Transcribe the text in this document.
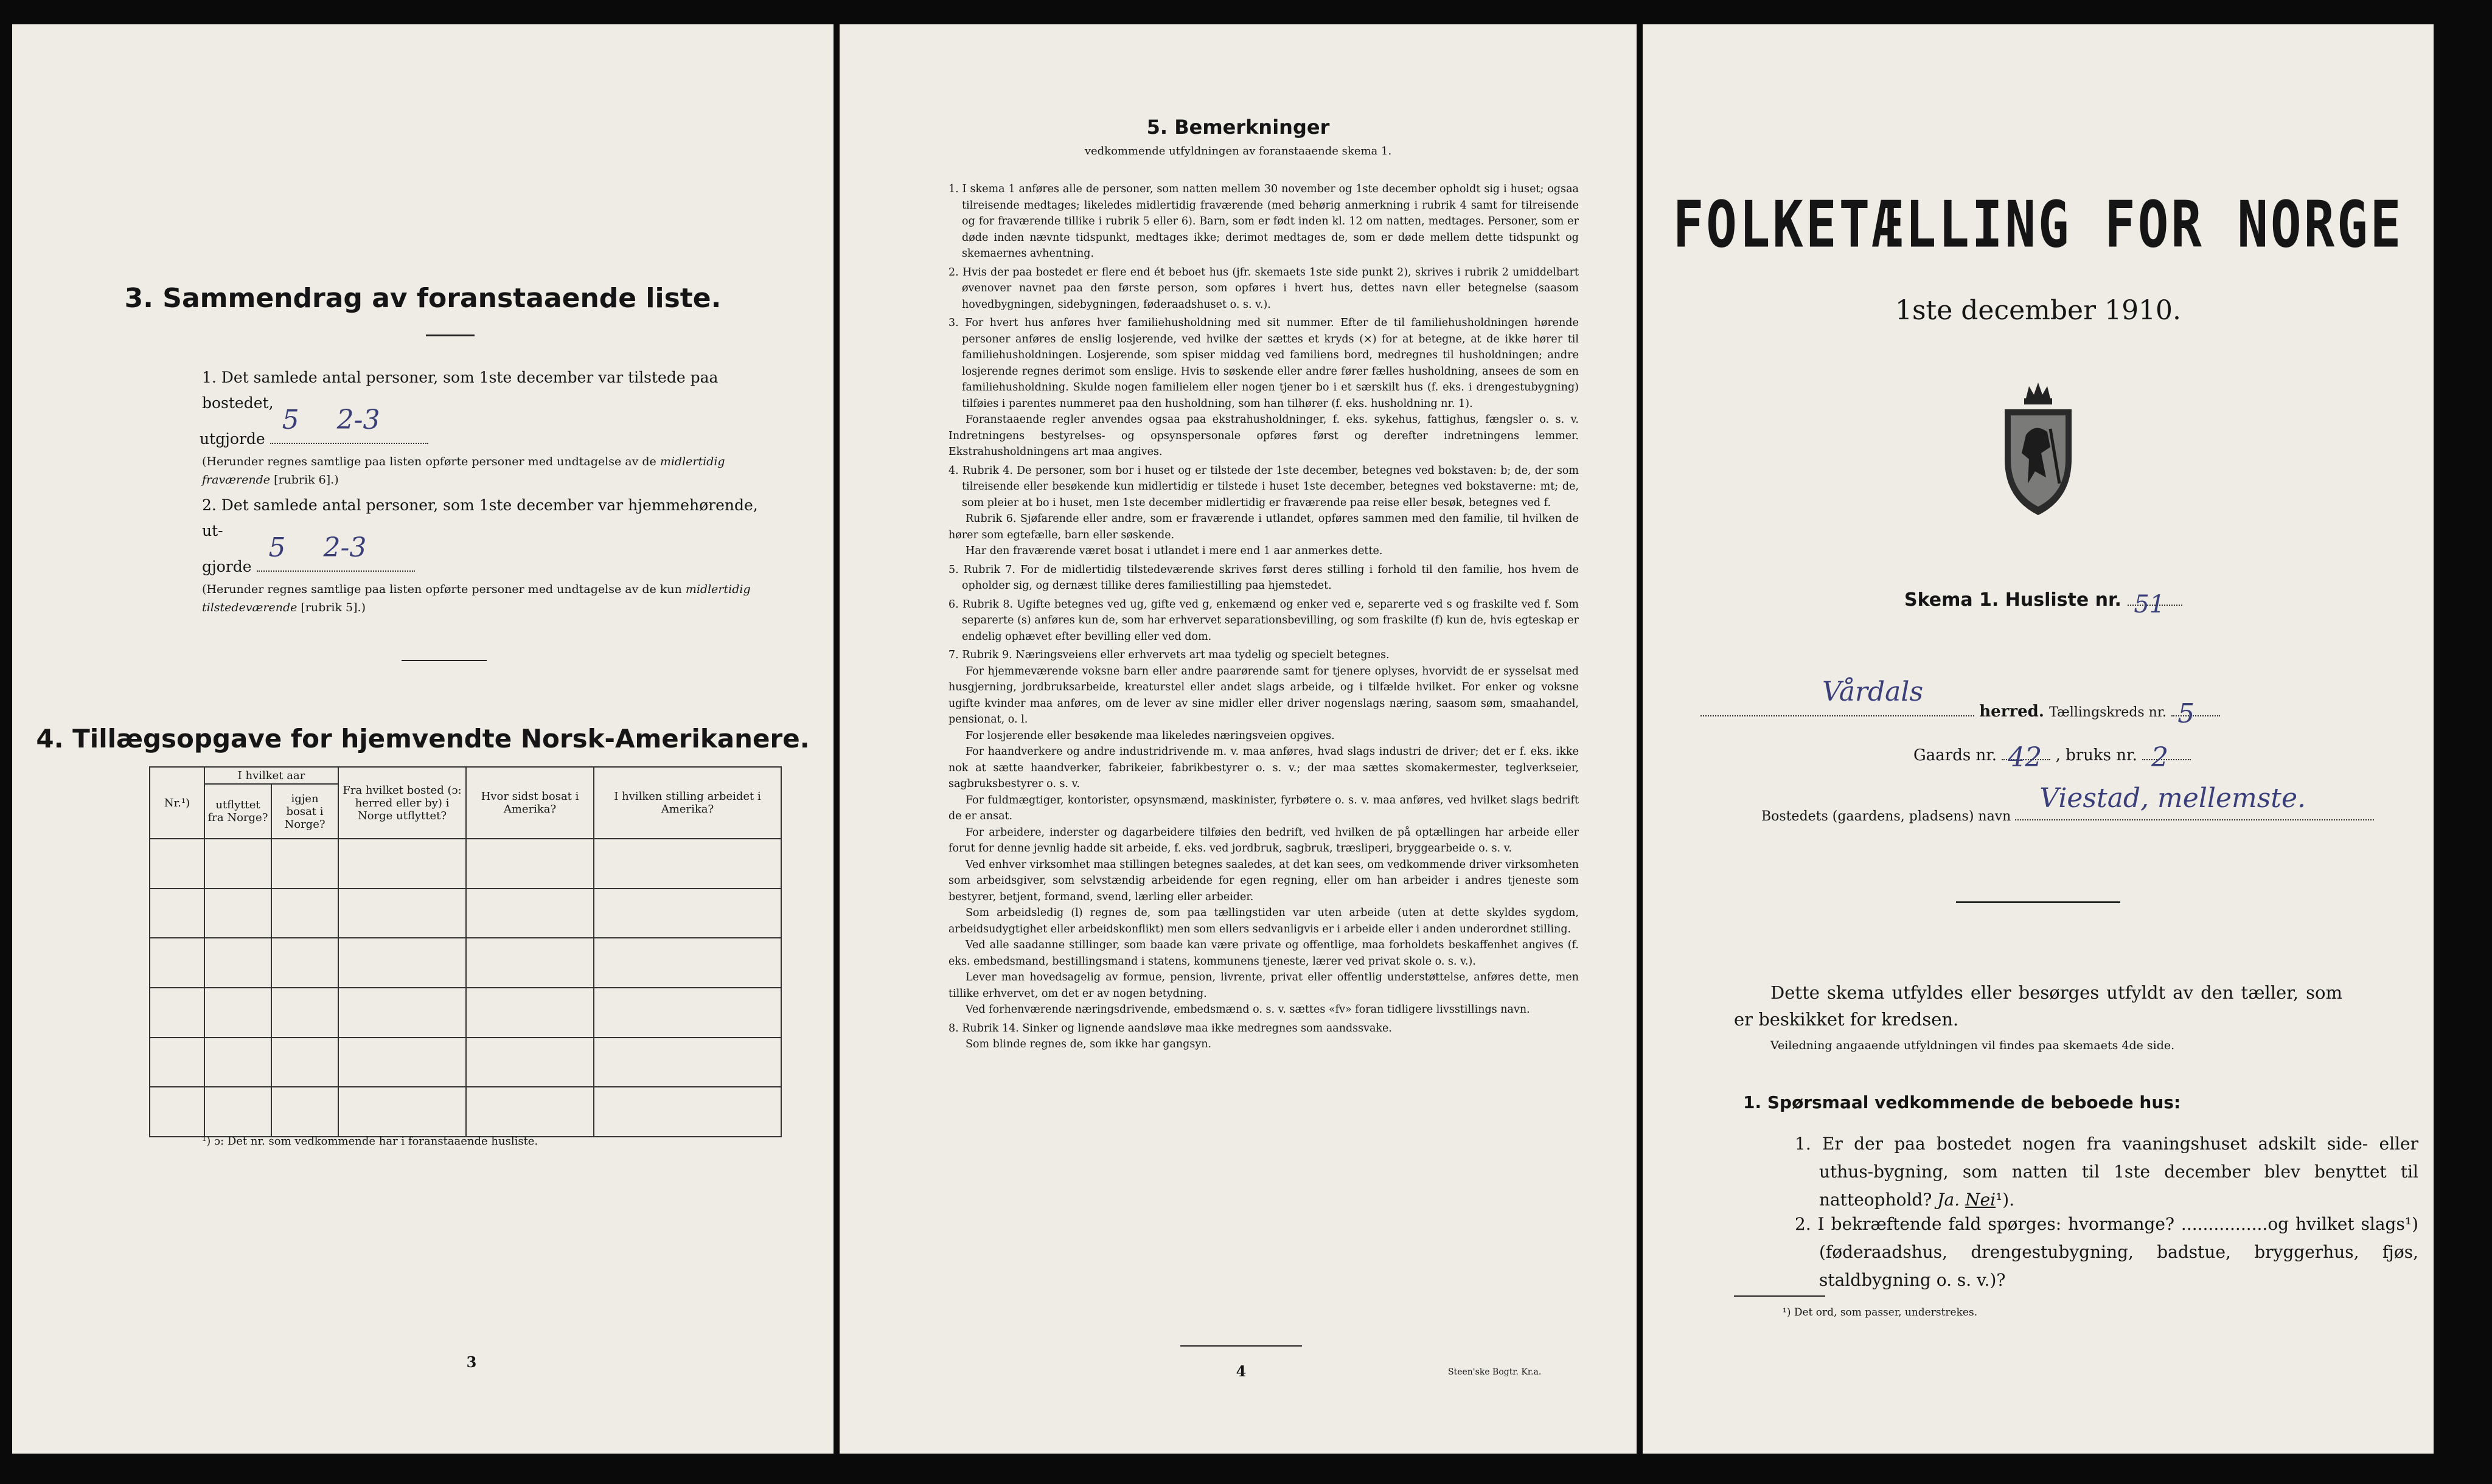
3. Sammendrag av foranstaaende liste.
1. Det samlede antal personer, som 1ste december var tilstede paa bostedet,
utgjorde
5 2-3
(Herunder regnes samtlige paa listen opførte personer med undtagelse av de midlertidig
fraværende [rubrik 6].)
2. Det samlede antal personer, som 1ste december var hjemmehørende, ut-
gjorde
5 2-3
(Herunder regnes samtlige paa listen opførte personer med undtagelse av de kun midlertidig tilstedeværende [rubrik 5].)
4. Tillægsopgave for hjemvendte Norsk-Amerikanere.
Nr.¹)	I hvilket aar		Fra hvilket bosted (ɔ: herred eller by) i Norge utflyttet?	Hvor sidst bosat i Amerika?	I hvilken stilling arbeidet i Amerika?
	utflyttet fra Norge?	igjen bosat i Norge?			

¹) ɔ: Det nr. som vedkommende har i foranstaaende husliste.
3
5. Bemerkninger
vedkommende utfyldningen av foranstaaende skema 1.

1. I skema 1 anføres alle de personer, som natten mellem 30 november og 1ste december opholdt sig i huset; ogsaa tilreisende medtages; likeledes midlertidig fraværende (med behørig anmerkning i rubrik 4 samt for tilreisende og for fraværende tillike i rubrik 5 eller 6). Barn, som er født inden kl. 12 om natten, medtages. Personer, som er døde inden nævnte tidspunkt, medtages ikke; derimot medtages de, som er døde mellem dette tidspunkt og skemaernes avhentning.

2. Hvis der paa bostedet er flere end ét beboet hus (jfr. skemaets 1ste side punkt 2), skrives i rubrik 2 umiddelbart øvenover navnet paa den første person, som opføres i hvert hus, dettes navn eller betegnelse (saasom hovedbygningen, sidebygningen, føderaadshuset o. s. v.).

3. For hvert hus anføres hver familiehusholdning med sit nummer. Efter de til familiehusholdningen hørende personer anføres de enslig losjerende, ved hvilke der sættes et kryds (×) for at betegne, at de ikke hører til familiehusholdningen. Losjerende, som spiser middag ved familiens bord, medregnes til husholdningen; andre losjerende regnes derimot som enslige. Hvis to søskende eller andre fører fælles husholdning, ansees de som en familiehusholdning. Skulde nogen familielem eller nogen tjener bo i et særskilt hus (f. eks. i drengestubygning) tilføies i parentes nummeret paa den husholdning, som han tilhører (f. eks. husholdning nr. 1).

Foranstaaende regler anvendes ogsaa paa ekstrahusholdninger, f. eks. sykehus, fattighus, fængsler o. s. v. Indretningens bestyrelses- og opsynspersonale opføres først og derefter indretningens lemmer. Ekstrahusholdningens art maa angives.

4. Rubrik 4. De personer, som bor i huset og er tilstede der 1ste december, betegnes ved bokstaven: b; de, der som tilreisende eller besøkende kun midlertidig er tilstede i huset 1ste december, betegnes ved bokstaverne: mt; de, som pleier at bo i huset, men 1ste december midlertidig er fraværende paa reise eller besøk, betegnes ved f.

Rubrik 6. Sjøfarende eller andre, som er fraværende i utlandet, opføres sammen med den familie, til hvilken de hører som egtefælle, barn eller søskende.

Har den fraværende været bosat i utlandet i mere end 1 aar anmerkes dette.

5. Rubrik 7. For de midlertidig tilstedeværende skrives først deres stilling i forhold til den familie, hos hvem de opholder sig, og dernæst tillike deres familiestilling paa hjemstedet.

6. Rubrik 8. Ugifte betegnes ved ug, gifte ved g, enkemænd og enker ved e, separerte ved s og fraskilte ved f. Som separerte (s) anføres kun de, som har erhvervet separationsbevilling, og som fraskilte (f) kun de, hvis egteskap er endelig ophævet efter bevilling eller ved dom.

7. Rubrik 9. Næringsveiens eller erhvervets art maa tydelig og specielt betegnes.

For hjemmeværende voksne barn eller andre paarørende samt for tjenere oplyses, hvorvidt de er sysselsat med husgjerning, jordbruksarbeide, kreaturstel eller andet slags arbeide, og i tilfælde hvilket. For enker og voksne ugifte kvinder maa anføres, om de lever av sine midler eller driver nogenslags næring, saasom søm, smaahandel, pensionat, o. l.

For losjerende eller besøkende maa likeledes næringsveien opgives.

For haandverkere og andre industridrivende m. v. maa anføres, hvad slags industri de driver; det er f. eks. ikke nok at sætte haandverker, fabrikeier, fabrikbestyrer o. s. v.; der maa sættes skomakermester, teglverkseier, sagbruksbestyrer o. s. v.

For fuldmægtiger, kontorister, opsynsmænd, maskinister, fyrbøtere o. s. v. maa anføres, ved hvilket slags bedrift de er ansat.

For arbeidere, inderster og dagarbeidere tilføies den bedrift, ved hvilken de på optællingen har arbeide eller forut for denne jevnlig hadde sit arbeide, f. eks. ved jordbruk, sagbruk, træsliperi, bryggearbeide o. s. v.

Ved enhver virksomhet maa stillingen betegnes saaledes, at det kan sees, om vedkommende driver virksomheten som arbeidsgiver, som selvstændig arbeidende for egen regning, eller om han arbeider i andres tjeneste som bestyrer, betjent, formand, svend, lærling eller arbeider.

Som arbeidsledig (l) regnes de, som paa tællingstiden var uten arbeide (uten at dette skyldes sygdom, arbeidsudygtighet eller arbeidskonflikt) men som ellers sedvanligvis er i arbeide eller i anden underordnet stilling.

Ved alle saadanne stillinger, som baade kan være private og offentlige, maa forholdets beskaffenhet angives (f. eks. embedsmand, bestillingsmand i statens, kommunens tjeneste, lærer ved privat skole o. s. v.).

Lever man hovedsagelig av formue, pension, livrente, privat eller offentlig understøttelse, anføres dette, men tillike erhvervet, om det er av nogen betydning.

Ved forhenværende næringsdrivende, embedsmænd o. s. v. sættes «fv» foran tidligere livsstillings navn.

8. Rubrik 14. Sinker og lignende aandsløve maa ikke medregnes som aandssvake.

Som blinde regnes de, som ikke har gangsyn.

4	Steen'ske Bogtr. Kr.a.
FOLKETÆLLING FOR NORGE
1ste december 1910.
Skema 1. Husliste nr. 51
Vårdals
herred. Tællingskreds nr. 5
Gaards nr. 42 , bruks nr. 2
Bostedets (gaardens, pladsens) navn
Viestad, mellemste.
Dette skema utfyldes eller besørges utfyldt av den tæller, som er beskikket for kredsen.
Veiledning angaaende utfyldningen vil findes paa skemaets 4de side.
1. Spørsmaal vedkommende de beboede hus:
1. Er der paa bostedet nogen fra vaaningshuset adskilt side- eller uthus-bygning, som natten til 1ste december blev benyttet til natteophold? Ja. Nei¹).
2. I bekræftende fald spørges: hvormange? ................og hvilket slags¹) (føderaadshus, drengestubygning, badstue, bryggerhus, fjøs, staldbygning o. s. v.)?
¹) Det ord, som passer, understrekes.
